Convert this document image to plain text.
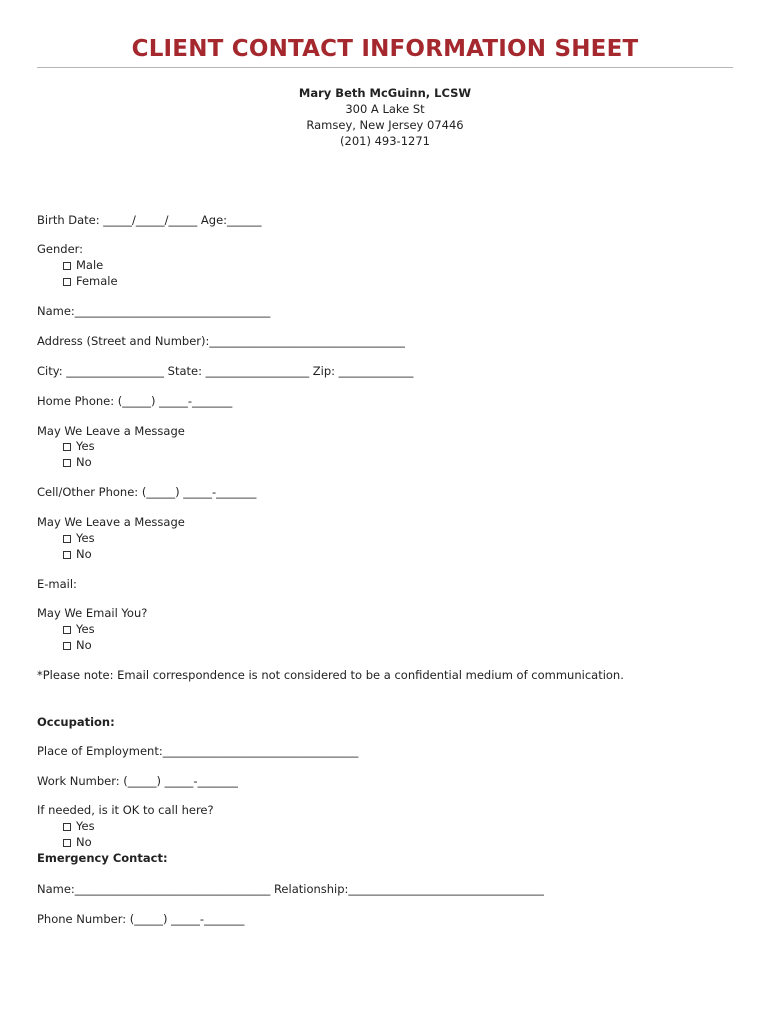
CLIENT CONTACT INFORMATION SHEET
Mary Beth McGuinn, LCSW
300 A Lake St
Ramsey, New Jersey 07446
(201) 493-1271
Birth Date: _____/_____/_____ Age:______
Gender:
Male
Female
Name:__________________________________
Address (Street and Number):__________________________________
City: _________________ State: __________________ Zip: _____________
Home Phone: (_____) _____-_______
May We Leave a Message
Yes
No
Cell/Other Phone: (_____) _____-_______
May We Leave a Message
Yes
No
E-mail:
May We Email You?
Yes
No
*Please note: Email correspondence is not considered to be a confidential medium of communication.
Occupation:
Place of Employment:__________________________________
Work Number: (_____) _____-_______
If needed, is it OK to call here?
Yes
No
Emergency Contact:
Name:__________________________________ Relationship:__________________________________
Phone Number: (_____) _____-_______
